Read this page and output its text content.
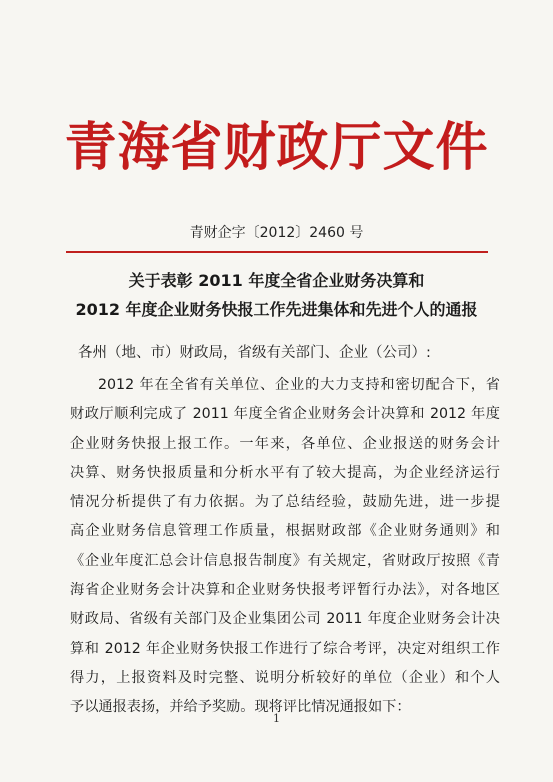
青海省财政厅文件
青财企字〔2012〕2460 号
关于表彰 2011 年度全省企业财务决算和
2012 年度企业财务快报工作先进集体和先进个人的通报
各州（地、市）财政局，省级有关部门、企业（公司）:
2012 年在全省有关单位、企业的大力支持和密切配合下，省
财政厅顺利完成了 2011 年度全省企业财务会计决算和 2012 年度
企业财务快报上报工作。一年来，各单位、企业报送的财务会计
决算、财务快报质量和分析水平有了较大提高，为企业经济运行
情况分析提供了有力依据。为了总结经验，鼓励先进，进一步提
高企业财务信息管理工作质量，根据财政部《企业财务通则》和
《企业年度汇总会计信息报告制度》有关规定，省财政厅按照《青
海省企业财务会计决算和企业财务快报考评暂行办法》，对各地区
财政局、省级有关部门及企业集团公司 2011 年度企业财务会计决
算和 2012 年企业财务快报工作进行了综合考评，决定对组织工作
得力，上报资料及时完整、说明分析较好的单位（企业）和个人
予以通报表扬，并给予奖励。现将评比情况通报如下：
1
